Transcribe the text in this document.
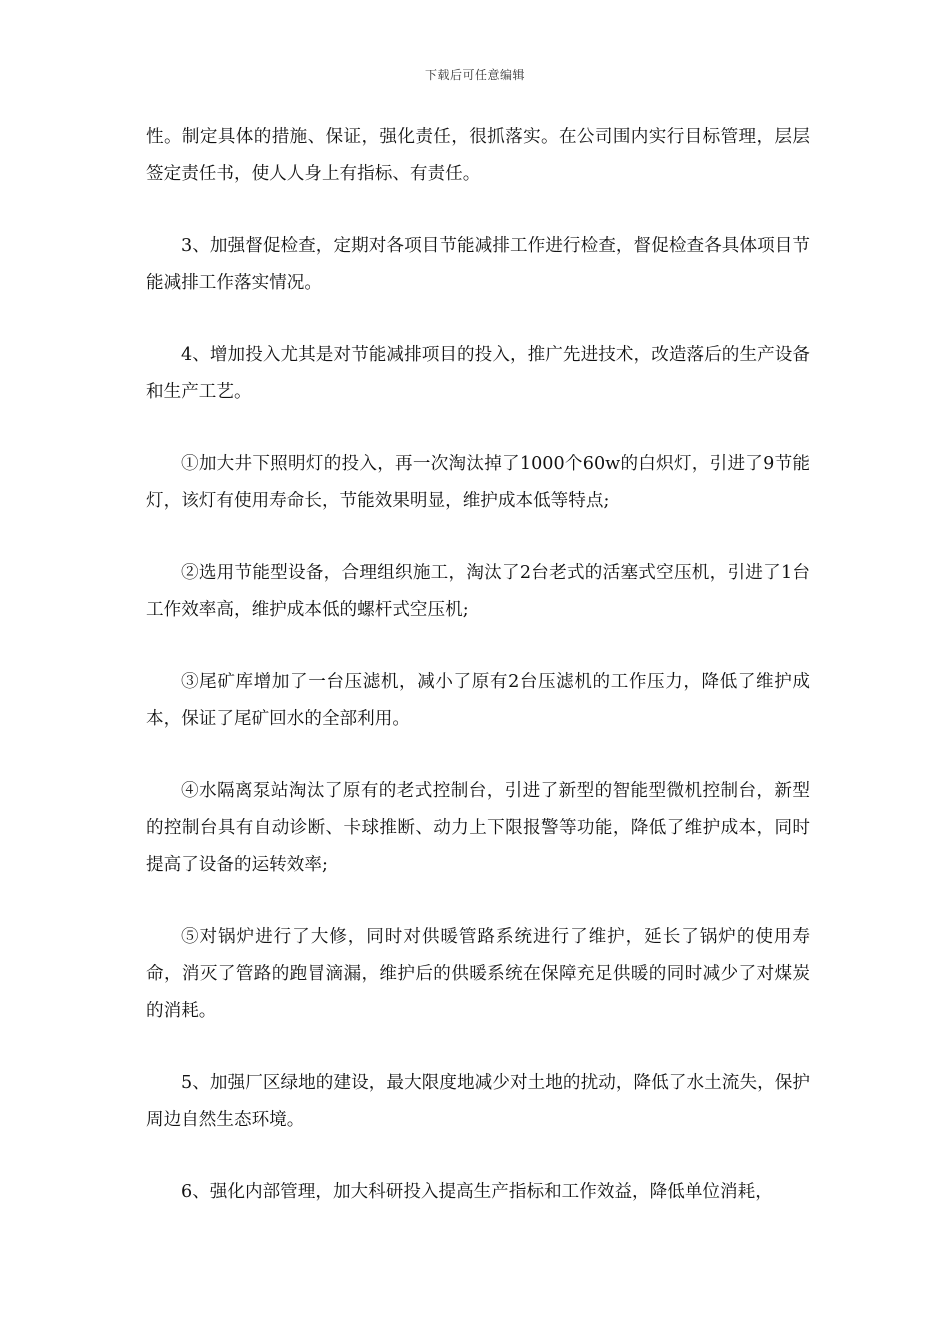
下载后可任意编辑

性。制定具体的措施、保证，强化责任，很抓落实。在公司围内实行目标管理，层层签定责任书，使人人身上有指标、有责任。

3、加强督促检查，定期对各项目节能减排工作进行检查，督促检查各具体项目节能减排工作落实情况。

4、增加投入尤其是对节能减排项目的投入，推广先进技术，改造落后的生产设备和生产工艺。

①加大井下照明灯的投入，再一次淘汰掉了1000个60w的白炽灯，引进了9节能灯，该灯有使用寿命长，节能效果明显，维护成本低等特点;

②选用节能型设备，合理组织施工，淘汰了2台老式的活塞式空压机，引进了1台工作效率高，维护成本低的螺杆式空压机;

③尾矿库增加了一台压滤机，减小了原有2台压滤机的工作压力，降低了维护成本，保证了尾矿回水的全部利用。

④水隔离泵站淘汰了原有的老式控制台，引进了新型的智能型微机控制台，新型的控制台具有自动诊断、卡球推断、动力上下限报警等功能，降低了维护成本，同时提高了设备的运转效率;

⑤对锅炉进行了大修，同时对供暖管路系统进行了维护，延长了锅炉的使用寿命，消灭了管路的跑冒滴漏，维护后的供暖系统在保障充足供暖的同时减少了对煤炭的消耗。

5、加强厂区绿地的建设，最大限度地减少对土地的扰动，降低了水土流失，保护周边自然生态环境。

6、强化内部管理，加大科研投入提高生产指标和工作效益，降低单位消耗，
